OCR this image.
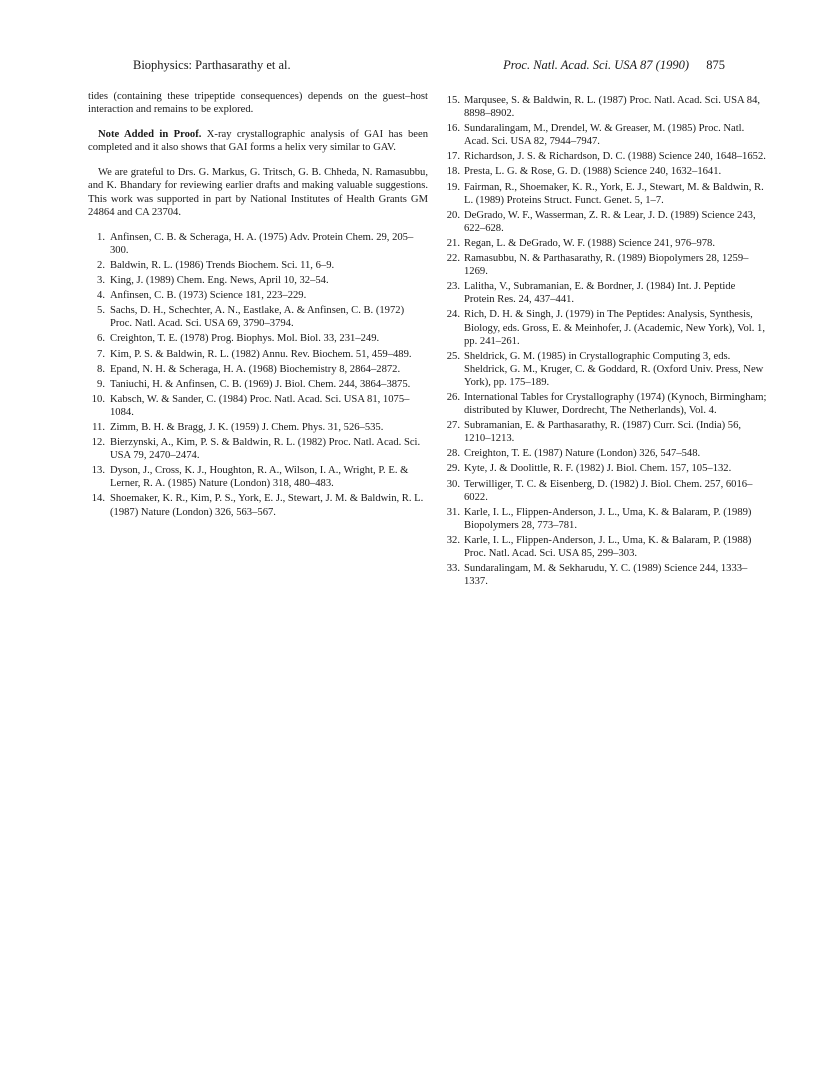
Biophysics: Parthasarathy et al.	Proc. Natl. Acad. Sci. USA 87 (1990) 875

tides (containing these tripeptide consequences) depends on the guest–host interaction and remains to be explored.

Note Added in Proof. X-ray crystallographic analysis of GAI has been completed and it also shows that GAI forms a helix very similar to GAV.

We are grateful to Drs. G. Markus, G. Tritsch, G. B. Chheda, N. Ramasubbu, and K. Bhandary for reviewing earlier drafts and making valuable suggestions. This work was supported in part by National Institutes of Health Grants GM 24864 and CA 23704.

1. Anfinsen, C. B. & Scheraga, H. A. (1975) Adv. Protein Chem. 29, 205–300.
2. Baldwin, R. L. (1986) Trends Biochem. Sci. 11, 6–9.
3. King, J. (1989) Chem. Eng. News, April 10, 32–54.
4. Anfinsen, C. B. (1973) Science 181, 223–229.
5. Sachs, D. H., Schechter, A. N., Eastlake, A. & Anfinsen, C. B. (1972) Proc. Natl. Acad. Sci. USA 69, 3790–3794.
6. Creighton, T. E. (1978) Prog. Biophys. Mol. Biol. 33, 231–249.
7. Kim, P. S. & Baldwin, R. L. (1982) Annu. Rev. Biochem. 51, 459–489.
8. Epand, N. H. & Scheraga, H. A. (1968) Biochemistry 8, 2864–2872.
9. Taniuchi, H. & Anfinsen, C. B. (1969) J. Biol. Chem. 244, 3864–3875.
10. Kabsch, W. & Sander, C. (1984) Proc. Natl. Acad. Sci. USA 81, 1075–1084.
11. Zimm, B. H. & Bragg, J. K. (1959) J. Chem. Phys. 31, 526–535.
12. Bierzynski, A., Kim, P. S. & Baldwin, R. L. (1982) Proc. Natl. Acad. Sci. USA 79, 2470–2474.
13. Dyson, J., Cross, K. J., Houghton, R. A., Wilson, I. A., Wright, P. E. & Lerner, R. A. (1985) Nature (London) 318, 480–483.
14. Shoemaker, K. R., Kim, P. S., York, E. J., Stewart, J. M. & Baldwin, R. L. (1987) Nature (London) 326, 563–567.
15. Marqusee, S. & Baldwin, R. L. (1987) Proc. Natl. Acad. Sci. USA 84, 8898–8902.
16. Sundaralingam, M., Drendel, W. & Greaser, M. (1985) Proc. Natl. Acad. Sci. USA 82, 7944–7947.
17. Richardson, J. S. & Richardson, D. C. (1988) Science 240, 1648–1652.
18. Presta, L. G. & Rose, G. D. (1988) Science 240, 1632–1641.
19. Fairman, R., Shoemaker, K. R., York, E. J., Stewart, M. & Baldwin, R. L. (1989) Proteins Struct. Funct. Genet. 5, 1–7.
20. DeGrado, W. F., Wasserman, Z. R. & Lear, J. D. (1989) Science 243, 622–628.
21. Regan, L. & DeGrado, W. F. (1988) Science 241, 976–978.
22. Ramasubbu, N. & Parthasarathy, R. (1989) Biopolymers 28, 1259–1269.
23. Lalitha, V., Subramanian, E. & Bordner, J. (1984) Int. J. Peptide Protein Res. 24, 437–441.
24. Rich, D. H. & Singh, J. (1979) in The Peptides: Analysis, Synthesis, Biology, eds. Gross, E. & Meinhofer, J. (Academic, New York), Vol. 1, pp. 241–261.
25. Sheldrick, G. M. (1985) in Crystallographic Computing 3, eds. Sheldrick, G. M., Kruger, C. & Goddard, R. (Oxford Univ. Press, New York), pp. 175–189.
26. International Tables for Crystallography (1974) (Kynoch, Birmingham; distributed by Kluwer, Dordrecht, The Netherlands), Vol. 4.
27. Subramanian, E. & Parthasarathy, R. (1987) Curr. Sci. (India) 56, 1210–1213.
28. Creighton, T. E. (1987) Nature (London) 326, 547–548.
29. Kyte, J. & Doolittle, R. F. (1982) J. Biol. Chem. 157, 105–132.
30. Terwilliger, T. C. & Eisenberg, D. (1982) J. Biol. Chem. 257, 6016–6022.
31. Karle, I. L., Flippen-Anderson, J. L., Uma, K. & Balaram, P. (1989) Biopolymers 28, 773–781.
32. Karle, I. L., Flippen-Anderson, J. L., Uma, K. & Balaram, P. (1988) Proc. Natl. Acad. Sci. USA 85, 299–303.
33. Sundaralingam, M. & Sekharudu, Y. C. (1989) Science 244, 1333–1337.
